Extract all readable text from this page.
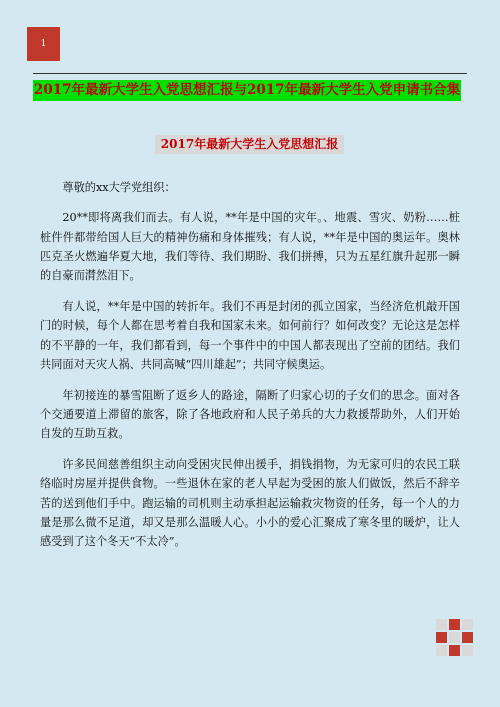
1
2017年最新大学生入党思想汇报与2017年最新大学生入党申请书合集
2017年最新大学生入党思想汇报

尊敬的xx大学党组织：

20**即将离我们而去。有人说，**年是中国的灾年。、地震、雪灾、奶粉……桩桩件件都带给国人巨大的精神伤痛和身体摧残；有人说，**年是中国的奥运年。奥林匹克圣火燃遍华夏大地，我们等待、我们期盼、我们拼搏，只为五星红旗升起那一瞬的自豪而潸然泪下。

有人说，**年是中国的转折年。我们不再是封闭的孤立国家，当经济危机敲开国门的时候，每个人都在思考着自我和国家未来。如何前行？如何改变？无论这是怎样的不平静的一年，我们都看到，每一个事件中的中国人都表现出了空前的团结。我们共同面对天灾人祸、共同高喊“四川雄起”；共同守候奥运。

年初接连的暴雪阻断了返乡人的路途，隔断了归家心切的子女们的思念。面对各个交通要道上滞留的旅客，除了各地政府和人民子弟兵的大力救援帮助外，人们开始自发的互助互救。

许多民间慈善组织主动向受困灾民伸出援手，捐钱捐物，为无家可归的农民工联络临时房屋并提供食物。一些退休在家的老人早起为受困的旅人们做饭，然后不辞辛苦的送到他们手中。跑运输的司机则主动承担起运输救灾物资的任务，每一个人的力量是那么微不足道，却又是那么温暖人心。小小的爱心汇聚成了寒冬里的暖炉，让人感受到了这个冬天“不太冷”。
